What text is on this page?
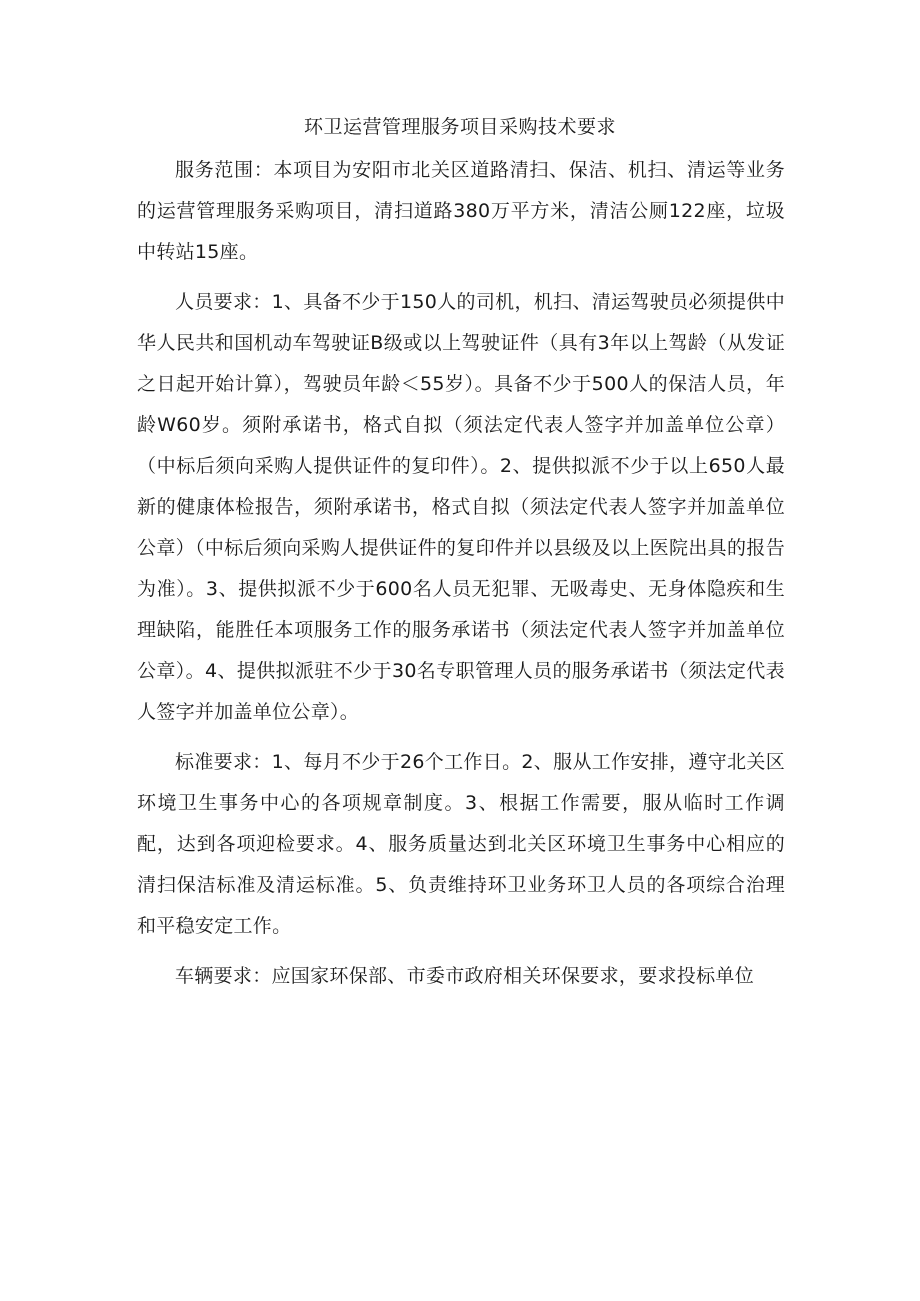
环卫运营管理服务项目采购技术要求

服务范围：本项目为安阳市北关区道路清扫、保洁、机扫、清运等业务的运营管理服务采购项目，清扫道路380万平方米，清洁公厕122座，垃圾中转站15座。

人员要求：1、具备不少于150人的司机，机扫、清运驾驶员必须提供中华人民共和国机动车驾驶证B级或以上驾驶证件（具有3年以上驾龄（从发证之日起开始计算），驾驶员年龄＜55岁）。具备不少于500人的保洁人员，年龄W60岁。须附承诺书，格式自拟（须法定代表人签字并加盖单位公章）（中标后须向采购人提供证件的复印件）。2、提供拟派不少于以上650人最新的健康体检报告，须附承诺书，格式自拟（须法定代表人签字并加盖单位公章）（中标后须向采购人提供证件的复印件并以县级及以上医院出具的报告为准）。3、提供拟派不少于600名人员无犯罪、无吸毒史、无身体隐疾和生理缺陷，能胜任本项服务工作的服务承诺书（须法定代表人签字并加盖单位公章）。4、提供拟派驻不少于30名专职管理人员的服务承诺书（须法定代表人签字并加盖单位公章）。

标准要求：1、每月不少于26个工作日。2、服从工作安排，遵守北关区环境卫生事务中心的各项规章制度。3、根据工作需要，服从临时工作调配，达到各项迎检要求。4、服务质量达到北关区环境卫生事务中心相应的清扫保洁标准及清运标准。5、负责维持环卫业务环卫人员的各项综合治理和平稳安定工作。

车辆要求：应国家环保部、市委市政府相关环保要求，要求投标单位
